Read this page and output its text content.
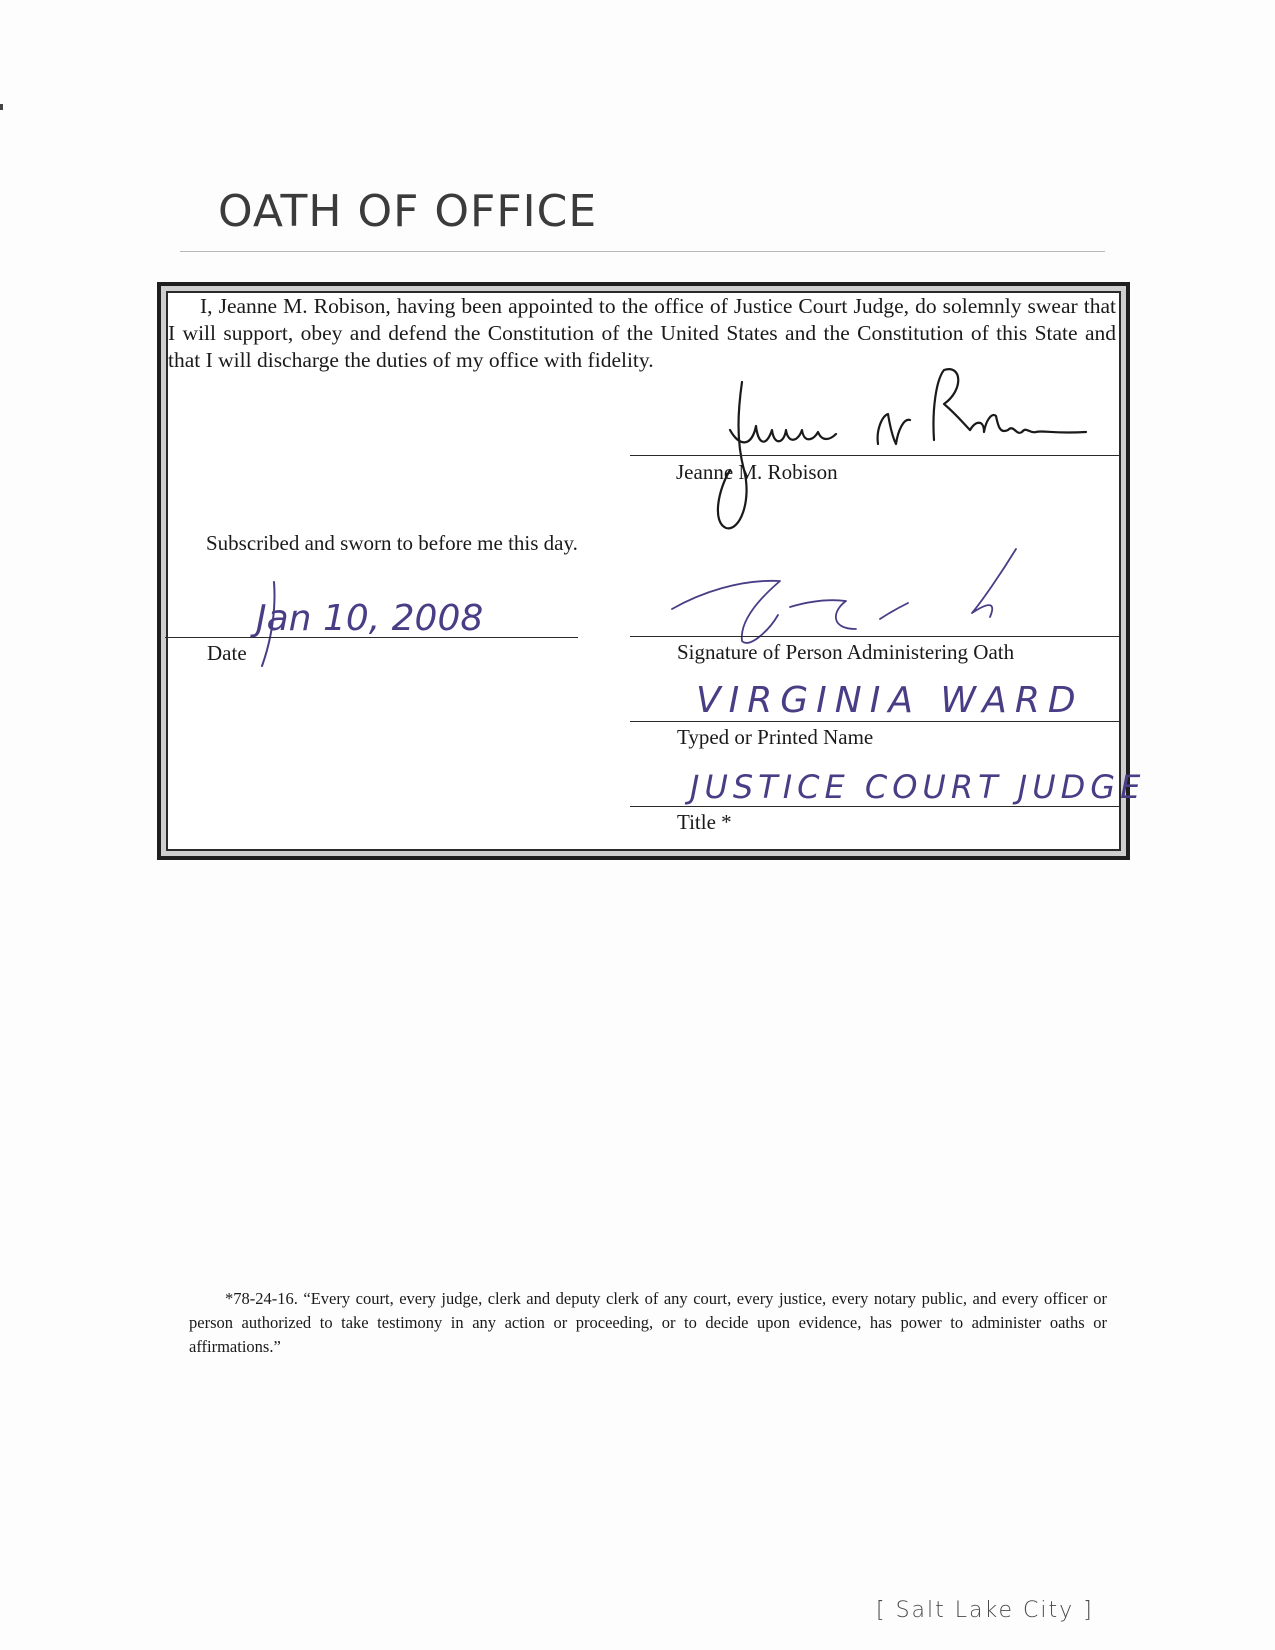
OATH OF OFFICE

I, Jeanne M. Robison, having been appointed to the office of Justice Court Judge, do solemnly swear that I will support, obey and defend the Constitution of the United States and the Constitution of this State and that I will discharge the duties of my office with fidelity.

Jeanne M. Robison
Subscribed and sworn to before me this day.
Jan 10, 2008
Date	Signature of Person Administering Oath
VIRGINIA WARD
Typed or Printed Name
JUSTICE COURT JUDGE
Title *

*78-24-16. “Every court, every judge, clerk and deputy clerk of any court, every justice, every notary public, and every officer or person authorized to take testimony in any action or proceeding, or to decide upon evidence, has power to administer oaths or affirmations.”

[ Salt Lake City ]
